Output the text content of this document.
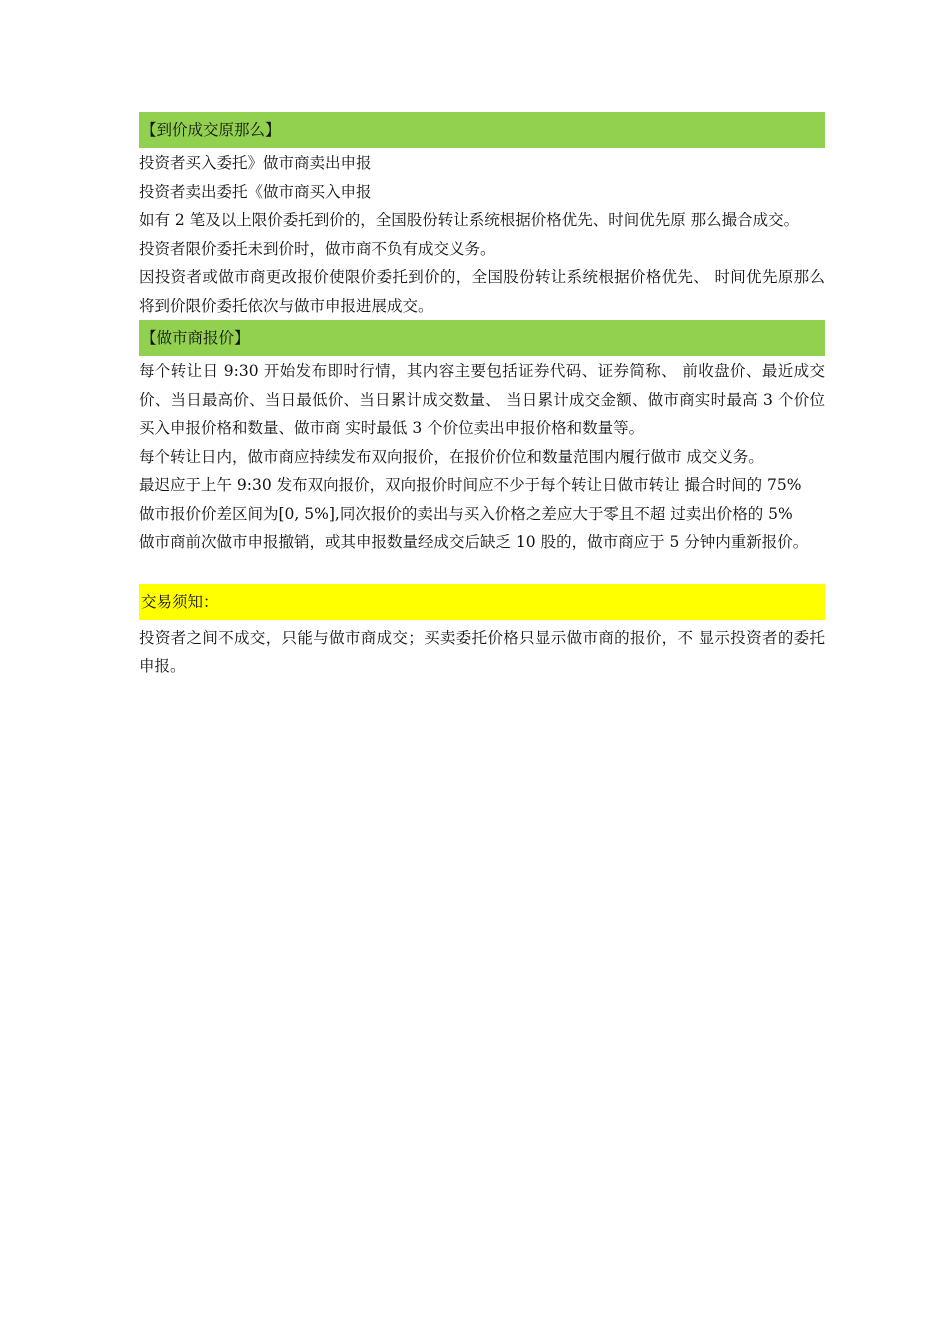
【到价成交原那么】

投资者买入委托》做市商卖出申报

投资者卖出委托《做市商买入申报

如有 2 笔及以上限价委托到价的，全国股份转让系统根据价格优先、时间优先原 那么撮合成交。

投资者限价委托未到价时，做市商不负有成交义务。

因投资者或做市商更改报价使限价委托到价的，全国股份转让系统根据价格优先、 时间优先原那么将到价限价委托依次与做市申报进展成交。

【做市商报价】

每个转让日 9:30 开始发布即时行情，其内容主要包括证券代码、证券简称、 前收盘价、最近成交价、当日最高价、当日最低价、当日累计成交数量、 当日累计成交金额、做市商实时最高 3 个价位买入申报价格和数量、做市商 实时最低 3 个价位卖出申报价格和数量等。

每个转让日内，做市商应持续发布双向报价，在报价价位和数量范围内履行做市 成交义务。

最迟应于上午 9:30 发布双向报价，双向报价时间应不少于每个转让日做市转让 撮合时间的 75%

做市报价价差区间为[0, 5%],同次报价的卖出与买入价格之差应大于零且不超 过卖出价格的 5%

做市商前次做市申报撤销，或其申报数量经成交后缺乏 10 股的，做市商应于 5 分钟内重新报价。

交易须知：

投资者之间不成交，只能与做市商成交；买卖委托价格只显示做市商的报价，不 显示投资者的委托申报。
